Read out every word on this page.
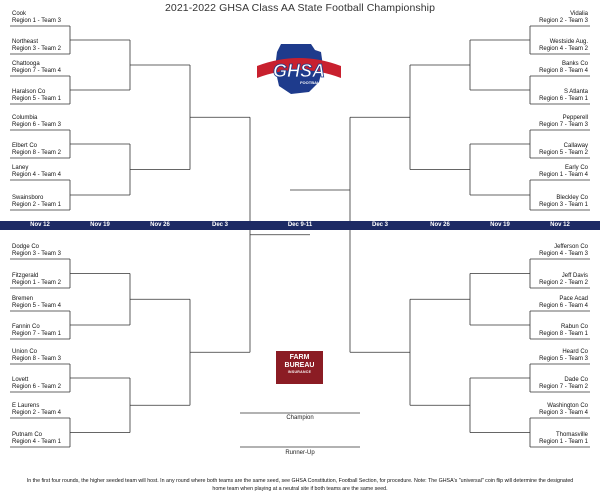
2021-2022 GHSA Class AA State Football Championship
GHSA
FOOTBALL
Nov 12	Nov 19	Nov 26	Dec 3	Dec 9-11	Dec 3	Nov 26	Nov 19	Nov 12
Cook
Region 1 - Team 3
Northeast
Region 3 - Team 2
Chattooga
Region 7 - Team 4
Haralson Co
Region 5 - Team 1
Columbia
Region 6 - Team 3
Elbert Co
Region 8 - Team 2
Laney
Region 4 - Team 4
Swainsboro
Region 2 - Team 1
Dodge Co
Region 3 - Team 3
Fitzgerald
Region 1 - Team 2
Bremen
Region 5 - Team 4
Fannin Co
Region 7 - Team 1
Union Co
Region 8 - Team 3
Lovett
Region 6 - Team 2
E Laurens
Region 2 - Team 4
Putnam Co
Region 4 - Team 1
Vidalia
Region 2 - Team 3
Westside Aug.
Region 4 - Team 2
Banks Co
Region 8 - Team 4
S Atlanta
Region 6 - Team 1
Pepperell
Region 7 - Team 3
Callaway
Region 5 - Team 2
Early Co
Region 1 - Team 4
Bleckley Co
Region 3 - Team 1
Jefferson Co
Region 4 - Team 3
Jeff Davis
Region 2 - Team 2
Pace Acad
Region 6 - Team 4
Rabun Co
Region 8 - Team 1
Heard Co
Region 5 - Team 3
Dade Co
Region 7 - Team 2
Washington Co
Region 3 - Team 4
Thomasville
Region 1 - Team 1
FARM
BUREAU
INSURANCE
Champion
Runner-Up
In the first four rounds, the higher seeded team will host. In any round where both teams are the same seed, see GHSA Constitution, Football Section, for procedure. Note: The GHSA's "universal" coin flip will determine the designated home team when playing at a neutral site if both teams are the same seed.
